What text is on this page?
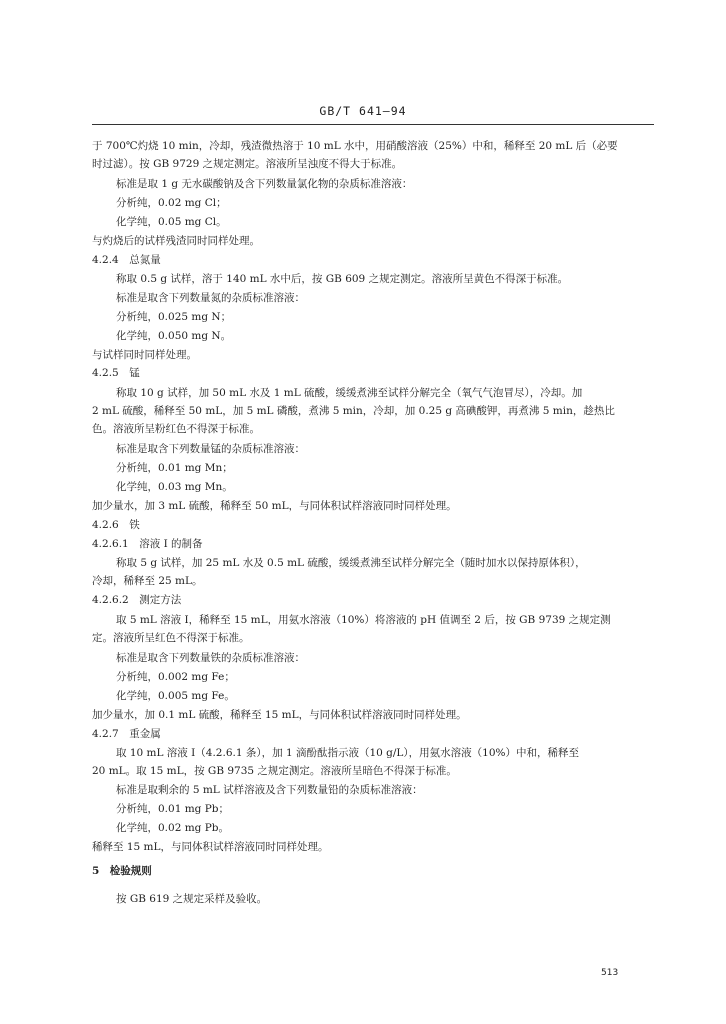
GB/T 641—94
于 700℃灼烧 10 min，冷却，残渣微热溶于 10 mL 水中，用硝酸溶液（25%）中和，稀释至 20 mL 后（必要
时过滤）。按 GB 9729 之规定测定。溶液所呈浊度不得大于标准。
标准是取 1 g 无水碳酸钠及含下列数量氯化物的杂质标准溶液：
分析纯，0.02 mg Cl；
化学纯，0.05 mg Cl。
与灼烧后的试样残渣同时同样处理。
4.2.4　总氮量
称取 0.5 g 试样，溶于 140 mL 水中后，按 GB 609 之规定测定。溶液所呈黄色不得深于标准。
标准是取含下列数量氮的杂质标准溶液：
分析纯，0.025 mg N；
化学纯，0.050 mg N。
与试样同时同样处理。
4.2.5　锰
称取 10 g 试样，加 50 mL 水及 1 mL 硫酸，缓缓煮沸至试样分解完全（氧气气泡冒尽），冷却。加
2 mL 硫酸，稀释至 50 mL，加 5 mL 磷酸，煮沸 5 min，冷却，加 0.25 g 高碘酸钾，再煮沸 5 min，趁热比
色。溶液所呈粉红色不得深于标准。
标准是取含下列数量锰的杂质标准溶液：
分析纯，0.01 mg Mn；
化学纯，0.03 mg Mn。
加少量水，加 3 mL 硫酸，稀释至 50 mL，与同体积试样溶液同时同样处理。
4.2.6　铁
4.2.6.1　溶液 Ⅰ 的制备
称取 5 g 试样，加 25 mL 水及 0.5 mL 硫酸，缓缓煮沸至试样分解完全（随时加水以保持原体积），
冷却，稀释至 25 mL。
4.2.6.2　测定方法
取 5 mL 溶液 Ⅰ，稀释至 15 mL，用氨水溶液（10%）将溶液的 pH 值调至 2 后，按 GB 9739 之规定测
定。溶液所呈红色不得深于标准。
标准是取含下列数量铁的杂质标准溶液：
分析纯，0.002 mg Fe；
化学纯，0.005 mg Fe。
加少量水，加 0.1 mL 硫酸，稀释至 15 mL，与同体积试样溶液同时同样处理。
4.2.7　重金属
取 10 mL 溶液 Ⅰ（4.2.6.1 条），加 1 滴酚酞指示液（10 g/L），用氨水溶液（10%）中和，稀释至
20 mL。取 15 mL，按 GB 9735 之规定测定。溶液所呈暗色不得深于标准。
标准是取剩余的 5 mL 试样溶液及含下列数量铅的杂质标准溶液：
分析纯，0.01 mg Pb；
化学纯，0.02 mg Pb。
稀释至 15 mL，与同体积试样溶液同时同样处理。
5　检验规则
按 GB 619 之规定采样及验收。
513
